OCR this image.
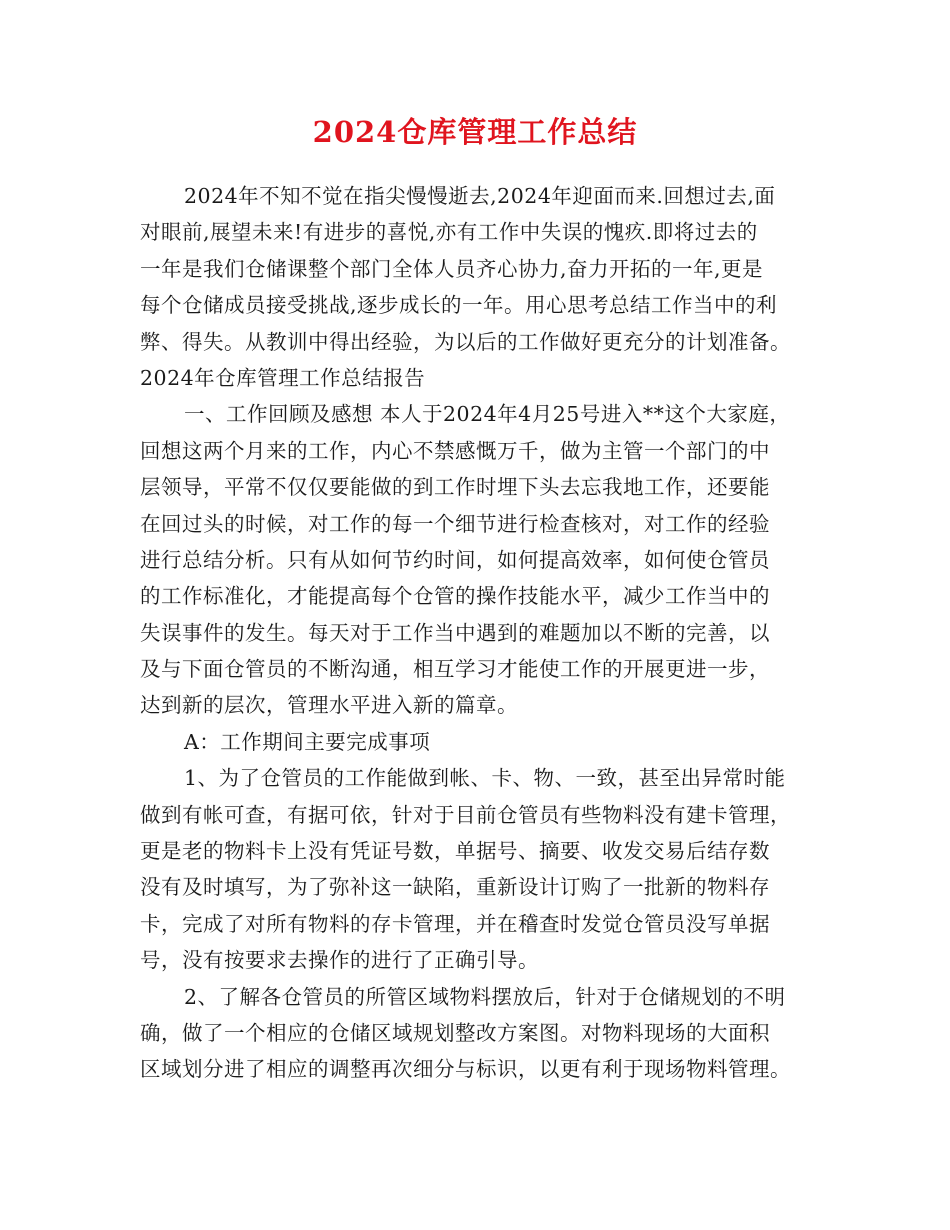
2024仓库管理工作总结
2024年不知不觉在指尖慢慢逝去,2024年迎面而来.回想过去,面
对眼前,展望未来!有进步的喜悦,亦有工作中失误的愧疚.即将过去的
一年是我们仓储课整个部门全体人员齐心协力,奋力开拓的一年,更是
每个仓储成员接受挑战,逐步成长的一年。用心思考总结工作当中的利
弊、得失。从教训中得出经验，为以后的工作做好更充分的计划准备。
2024年仓库管理工作总结报告
一、工作回顾及感想 本人于2024年4月25号进入**这个大家庭，
回想这两个月来的工作，内心不禁感慨万千，做为主管一个部门的中
层领导，平常不仅仅要能做的到工作时埋下头去忘我地工作，还要能
在回过头的时候，对工作的每一个细节进行检查核对，对工作的经验
进行总结分析。只有从如何节约时间，如何提高效率，如何使仓管员
的工作标准化，才能提高每个仓管的操作技能水平，减少工作当中的
失误事件的发生。每天对于工作当中遇到的难题加以不断的完善，以
及与下面仓管员的不断沟通，相互学习才能使工作的开展更进一步，
达到新的层次，管理水平进入新的篇章。
A：工作期间主要完成事项
1、为了仓管员的工作能做到帐、卡、物、一致，甚至出异常时能
做到有帐可查，有据可依，针对于目前仓管员有些物料没有建卡管理，
更是老的物料卡上没有凭证号数，单据号、摘要、收发交易后结存数
没有及时填写，为了弥补这一缺陷，重新设计订购了一批新的物料存
卡，完成了对所有物料的存卡管理，并在稽查时发觉仓管员没写单据
号，没有按要求去操作的进行了正确引导。
2、了解各仓管员的所管区域物料摆放后，针对于仓储规划的不明
确，做了一个相应的仓储区域规划整改方案图。对物料现场的大面积
区域划分进了相应的调整再次细分与标识，以更有利于现场物料管理。
